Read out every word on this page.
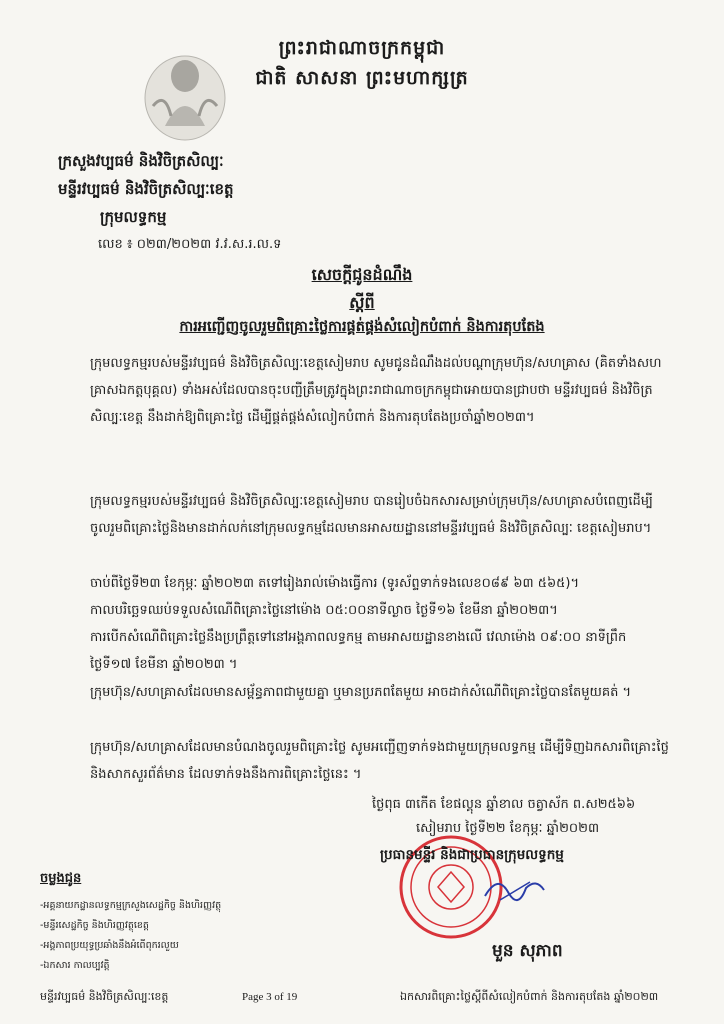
ព្រះរាជាណាចក្រកម្ពុជា
ជាតិ សាសនា ព្រះមហាក្សត្រ
ក្រសួងវប្បធម៌ និងវិចិត្រសិល្បៈ
មន្ទីរវប្បធម៌ និងវិចិត្រសិល្បៈខេត្ត
ក្រុមលទ្ធកម្ម
លេខ ៖ ០២៣/២០២៣ វ.វ.ស.រ.ល.ទ
សេចក្តីជូនដំណឹង
ស្តីពី
ការអញ្ជើញចូលរួមពិគ្រោះថ្លៃការផ្គត់ផ្គង់សំលៀកបំពាក់ និងការតុបតែង
ក្រុមលទ្ធកម្មរបស់មន្ទីរវប្បធម៌ និងវិចិត្រសិល្បៈខេត្តសៀមរាប សូមជូនដំណឹងដល់បណ្តាក្រុមហ៊ុន/សហគ្រាស (គិតទាំងសហគ្រាសឯកត្តបុគ្គល) ទាំងអស់ដែលបានចុះបញ្ជីត្រឹមត្រូវក្នុងព្រះរាជាណាចក្រកម្ពុជាអោយបានជ្រាបថា មន្ទីរវប្បធម៌ និងវិចិត្រសិល្បៈខេត្ត នឹងដាក់ឱ្យពិគ្រោះថ្លៃ ដើម្បីផ្គត់ផ្គង់សំលៀកបំពាក់ និងការតុបតែងប្រចាំឆ្នាំ២០២៣។
ក្រុមលទ្ធកម្មរបស់មន្ទីរវប្បធម៌ និងវិចិត្រសិល្បៈខេត្តសៀមរាប បានរៀបចំឯកសារសម្រាប់ក្រុមហ៊ុន/សហគ្រាសបំពេញដើម្បីចូលរួមពិគ្រោះថ្លៃនិងមានដាក់លក់នៅក្រុមលទ្ធកម្មដែលមានអាសយដ្ឋាននៅមន្ទីរវប្បធម៌ និងវិចិត្រសិល្បៈ ខេត្តសៀមរាប។
ចាប់ពីថ្ងៃទី២៣ ខែកុម្ភៈ ឆ្នាំ២០២៣ តទៅរៀងរាល់ម៉ោងធ្វើការ (ទូរស័ព្ទទាក់ទងលេខ០៨៩ ៦៣ ៥៦៥)។
កាលបរិច្ឆេទឈប់ទទួលសំណើពិគ្រោះថ្លៃនៅម៉ោង ០៥:០០នាទីល្ងាច ថ្ងៃទី១៦ ខែមីនា ឆ្នាំ២០២៣។
ការបើកសំណើពិគ្រោះថ្លៃនឹងប្រព្រឹត្តទៅនៅអង្គភាពលទ្ធកម្ម តាមអាសយដ្ឋានខាងលើ វេលាម៉ោង ០៩:០០ នាទីព្រឹក ថ្ងៃទី១៧ ខែមីនា ឆ្នាំ២០២៣ ។
ក្រុមហ៊ុន/សហគ្រាសដែលមានសម្ព័ន្ធភាពជាមួយគ្នា ឬមានប្រភពតែមួយ អាចដាក់សំណើពិគ្រោះថ្លៃបានតែមួយគត់ ។
ក្រុមហ៊ុន/សហគ្រាសដែលមានបំណងចូលរួមពិគ្រោះថ្លៃ សូមអញ្ជើញទាក់ទងជាមួយក្រុមលទ្ធកម្ម ដើម្បីទិញឯកសារពិគ្រោះថ្លៃនិងសាកសួរព័ត៌មាន ដែលទាក់ទងនឹងការពិគ្រោះថ្លៃនេះ ។
ថ្ងៃពុធ ៣កើត ខែផល្គុន ឆ្នាំខាល ចត្វាស័ក ព.ស២៥៦៦
សៀមរាប ថ្ងៃទី២២ ខែកុម្ភៈ ឆ្នាំ២០២៣
ប្រធានមន្ទីរ និងជាប្រធានក្រុមលទ្ធកម្ម
មួន សុភាព
ចម្លងជូន
-អគ្គនាយកដ្ឋានលទ្ធកម្មក្រសួងសេដ្ឋកិច្ច និងហិរញ្ញវត្ថុ
-មន្ទីរសេដ្ឋកិច្ច និងហិរញ្ញវត្ថុខេត្ត
-អង្គភាពប្រយុទ្ធប្រឆាំងនឹងអំពើពុករលួយ
-ឯកសារ កាលប្បវត្តិ
មន្ទីរវប្បធម៌ និងវិចិត្រសិល្បៈខេត្ត	Page 3 of 19	ឯកសារពិគ្រោះថ្លៃស្តីពីសំលៀកបំពាក់ និងការតុបតែង ឆ្នាំ២០២៣
